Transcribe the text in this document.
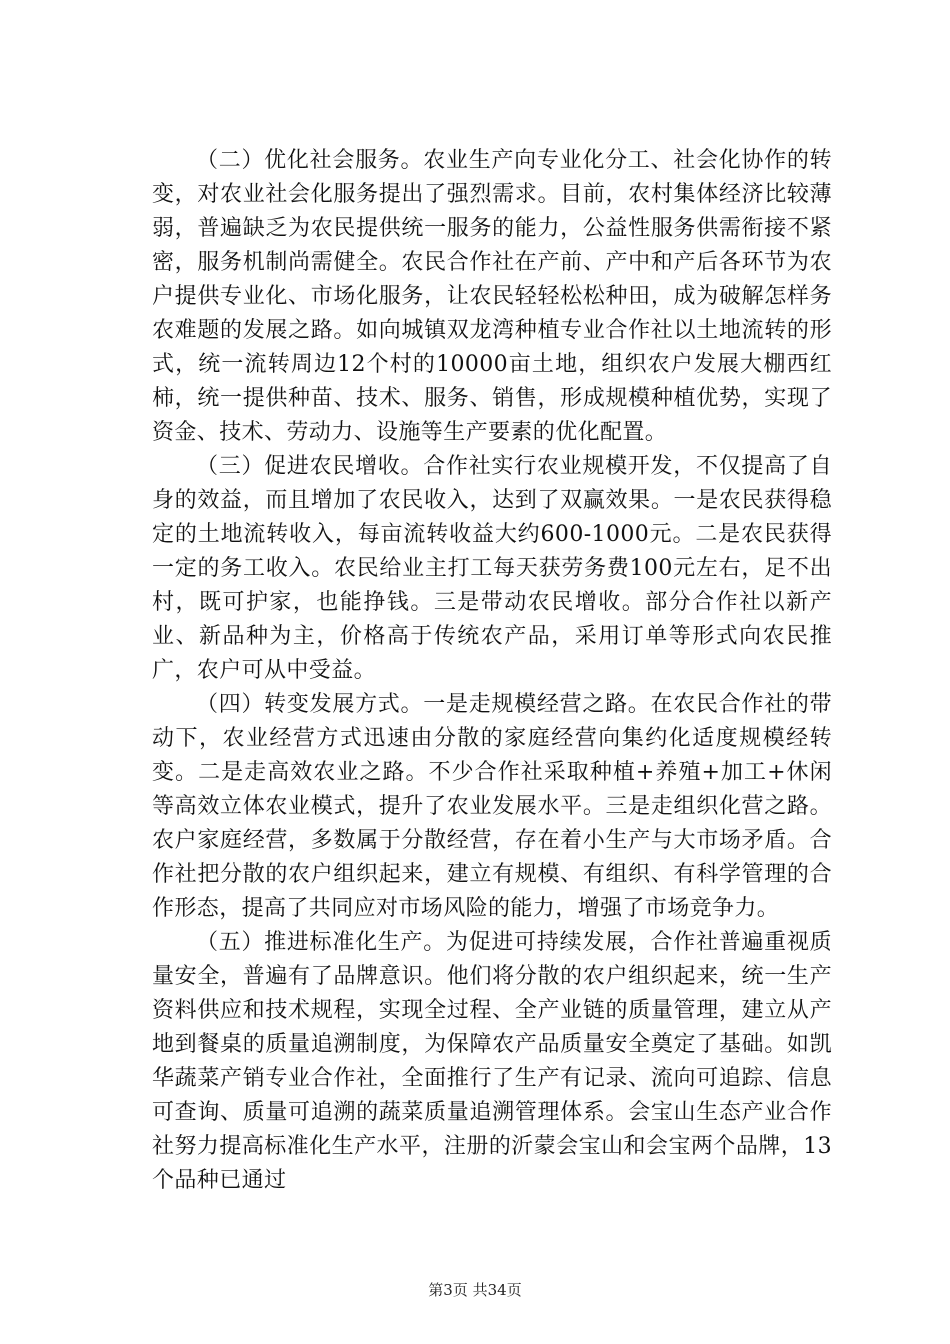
（二）优化社会服务。农业生产向专业化分工、社会化协作的转变，对农业社会化服务提出了强烈需求。目前，农村集体经济比较薄弱，普遍缺乏为农民提供统一服务的能力，公益性服务供需衔接不紧密，服务机制尚需健全。农民合作社在产前、产中和产后各环节为农户提供专业化、市场化服务，让农民轻轻松松种田，成为破解怎样务农难题的发展之路。如向城镇双龙湾种植专业合作社以土地流转的形式，统一流转周边12个村的10000亩土地，组织农户发展大棚西红柿，统一提供种苗、技术、服务、销售，形成规模种植优势，实现了资金、技术、劳动力、设施等生产要素的优化配置。

（三）促进农民增收。合作社实行农业规模开发，不仅提高了自身的效益，而且增加了农民收入，达到了双赢效果。一是农民获得稳定的土地流转收入，每亩流转收益大约600-1000元。二是农民获得一定的务工收入。农民给业主打工每天获劳务费100元左右，足不出村，既可护家，也能挣钱。三是带动农民增收。部分合作社以新产业、新品种为主，价格高于传统农产品，采用订单等形式向农民推广，农户可从中受益。

（四）转变发展方式。一是走规模经营之路。在农民合作社的带动下，农业经营方式迅速由分散的家庭经营向集约化适度规模经转变。二是走高效农业之路。不少合作社采取种植+养殖+加工+休闲等高效立体农业模式，提升了农业发展水平。三是走组织化营之路。农户家庭经营，多数属于分散经营，存在着小生产与大市场矛盾。合作社把分散的农户组织起来，建立有规模、有组织、有科学管理的合作形态，提高了共同应对市场风险的能力，增强了市场竞争力。

（五）推进标准化生产。为促进可持续发展，合作社普遍重视质量安全，普遍有了品牌意识。他们将分散的农户组织起来，统一生产资料供应和技术规程，实现全过程、全产业链的质量管理，建立从产地到餐桌的质量追溯制度，为保障农产品质量安全奠定了基础。如凯华蔬菜产销专业合作社，全面推行了生产有记录、流向可追踪、信息可查询、质量可追溯的蔬菜质量追溯管理体系。会宝山生态产业合作社努力提高标准化生产水平，注册的沂蒙会宝山和会宝两个品牌，13个品种已通过

第3页 共34页
